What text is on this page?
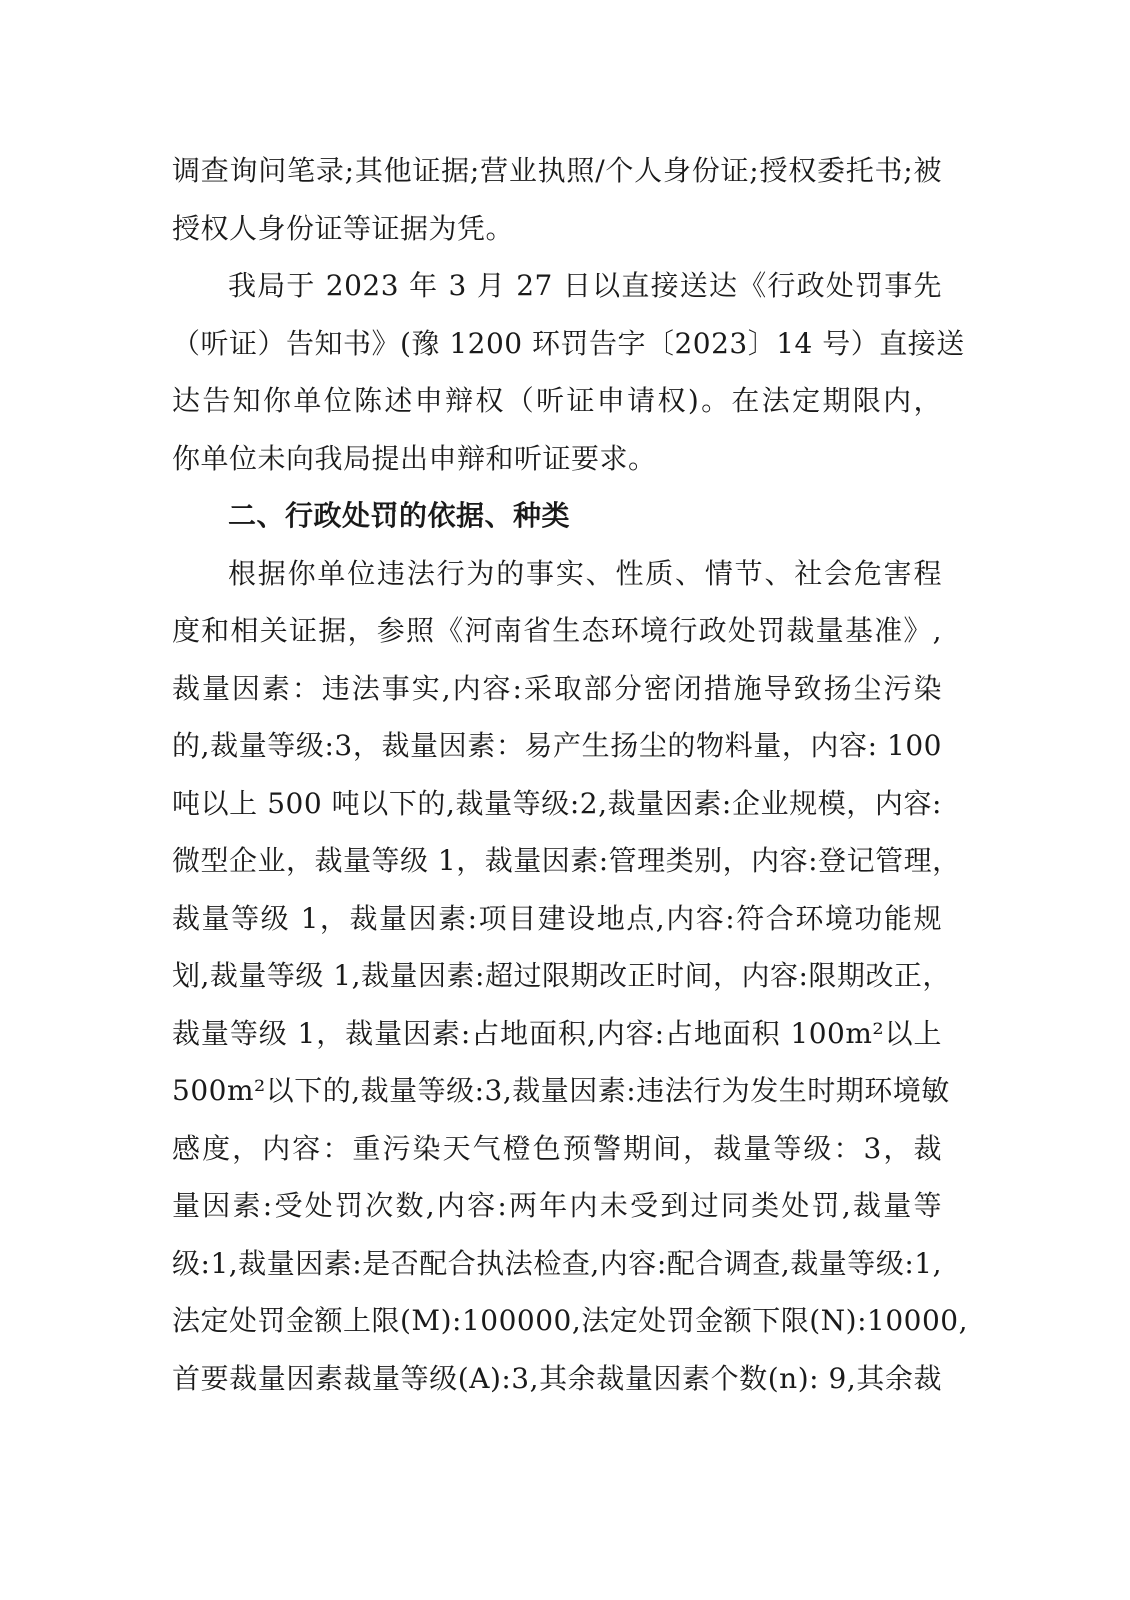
调查询问笔录;其他证据;营业执照/个人身份证;授权委托书;被
授权人身份证等证据为凭。
我局于 2023 年 3 月 27 日以直接送达《行政处罚事先
（听证）告知书》(豫 1200 环罚告字〔2023〕14 号）直接送
达告知你单位陈述申辩权（听证申请权)。在法定期限内，
你单位未向我局提出申辩和听证要求。
二、行政处罚的依据、种类
根据你单位违法行为的事实、性质、情节、社会危害程
度和相关证据，参照《河南省生态环境行政处罚裁量基准》,
裁量因素：违法事实,内容:采取部分密闭措施导致扬尘污染
的,裁量等级:3，裁量因素：易产生扬尘的物料量，内容: 100
吨以上 500 吨以下的,裁量等级:2,裁量因素:企业规模，内容:
微型企业，裁量等级 1，裁量因素:管理类别，内容:登记管理，
裁量等级 1，裁量因素:项目建设地点,内容:符合环境功能规
划,裁量等级 1,裁量因素:超过限期改正时间，内容:限期改正，
裁量等级 1，裁量因素:占地面积,内容:占地面积 100m²以上
500m²以下的,裁量等级:3,裁量因素:违法行为发生时期环境敏
感度，内容：重污染天气橙色预警期间，裁量等级：3，裁
量因素:受处罚次数,内容:两年内未受到过同类处罚,裁量等
级:1,裁量因素:是否配合执法检查,内容:配合调查,裁量等级:1,
法定处罚金额上限(M):100000,法定处罚金额下限(N):10000,
首要裁量因素裁量等级(A):3,其余裁量因素个数(n): 9,其余裁
